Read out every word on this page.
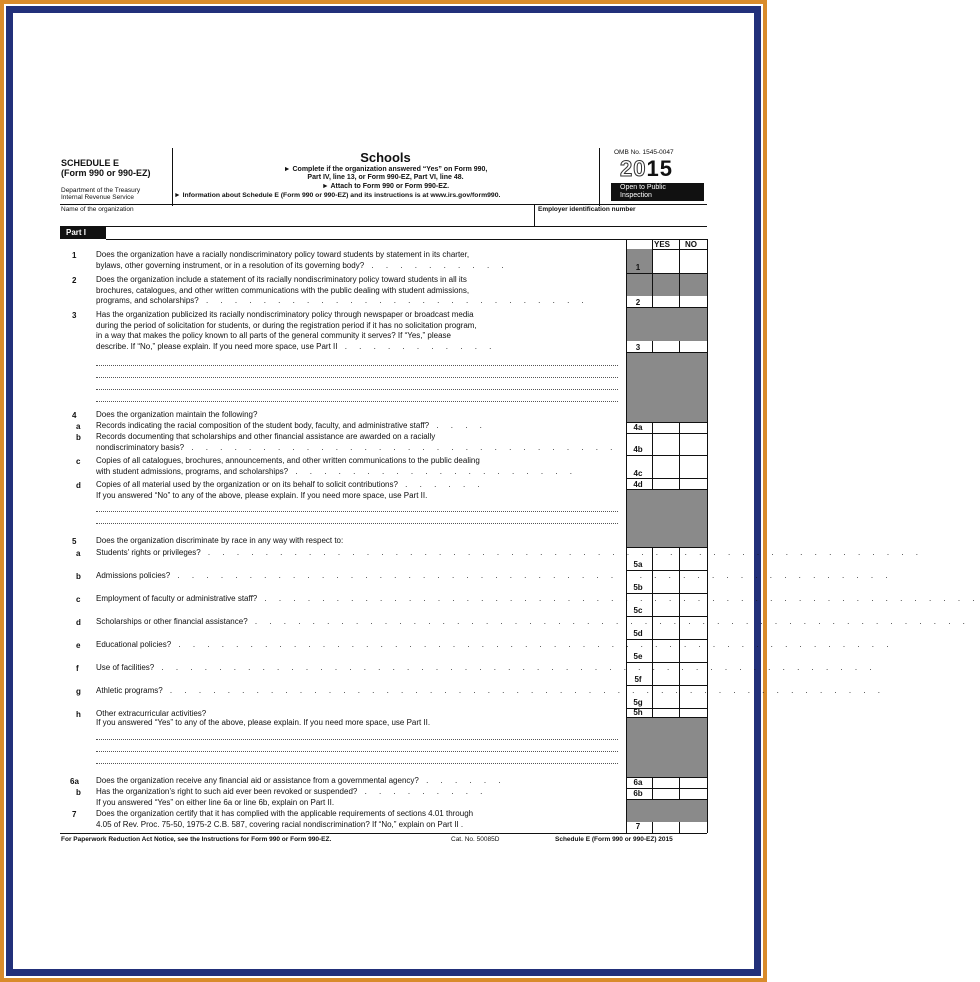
SCHEDULE E
(Form 990 or 990-EZ)
Department of the Treasury
Internal Revenue Service
Schools
► Complete if the organization answered “Yes” on Form 990,
Part IV, line 13, or Form 990-EZ, Part VI, line 48.
► Attach to Form 990 or Form 990-EZ.
► Information about Schedule E (Form 990 or 990-EZ) and its instructions is at www.irs.gov/form990.
OMB No. 1545-0047
2015
Open to Public
Inspection
Name of the organization	Employer identification number
Part I
YES NO
1 Does the organization have a racially nondiscriminatory policy toward students by statement in its charter,
bylaws, other governing instrument, or in a resolution of its governing body? . . . . . . . . . .	1
2 Does the organization include a statement of its racially nondiscriminatory policy toward students in all its
brochures, catalogues, and other written communications with the public dealing with student admissions,
programs, and scholarships? . . . . . . . . . . . . . . . . . . . . . . . . . . .	2
3 Has the organization publicized its racially nondiscriminatory policy through newspaper or broadcast media
during the period of solicitation for students, or during the registration period if it has no solicitation program,
in a way that makes the policy known to all parts of the general community it serves? If “Yes,” please
describe. If “No,” please explain. If you need more space, use Part II . . . . . . . . . . .	3
4 Does the organization maintain the following?
a Records indicating the racial composition of the student body, faculty, and administrative staff? . . . .	4a
b Records documenting that scholarships and other financial assistance are awarded on a racially
nondiscriminatory basis? . . . . . . . . . . . . . . . . . . . . . . . . . . . . . .	4b
c Copies of all catalogues, brochures, announcements, and other written communications to the public dealing
with student admissions, programs, and scholarships? . . . . . . . . . . . . . . . . . . . .	4c
d Copies of all material used by the organization or on its behalf to solicit contributions? . . . . . .	4d
If you answered “No” to any of the above, please explain. If you need more space, use Part II.
5 Does the organization discriminate by race in any way with respect to:
a Students' rights or privileges? . . . . . . . . . . . . . . . . . . . . . . . . . . . . . . . . . . . . . . . . . . . . . . . . . .
5a
b Admissions policies? . . . . . . . . . . . . . . . . . . . . . . . . . . . . . . . . . . . . . . . . . . . . . . . . . .
5b
c Employment of faculty or administrative staff? . . . . . . . . . . . . . . . . . . . . . . . . . . . . . . . . . . . . . . . . . . . . . . . . . .
5c
d Scholarships or other financial assistance? . . . . . . . . . . . . . . . . . . . . . . . . . . . . . . . . . . . . . . . . . . . . . . . . . .
5d
e Educational policies? . . . . . . . . . . . . . . . . . . . . . . . . . . . . . . . . . . . . . . . . . . . . . . . . . .
5e
f Use of facilities? . . . . . . . . . . . . . . . . . . . . . . . . . . . . . . . . . . . . . . . . . . . . . . . . . .
5f
g Athletic programs? . . . . . . . . . . . . . . . . . . . . . . . . . . . . . . . . . . . . . . . . . . . . . . . . . .
5g
h Other extracurricular activities?	5h
If you answered “Yes” to any of the above, please explain. If you need more space, use Part II.
6a Does the organization receive any financial aid or assistance from a governmental agency? . . . . . .	6a
b Has the organization’s right to such aid ever been revoked or suspended? . . . . . . . . .	6b
If you answered “Yes” on either line 6a or line 6b, explain on Part II.
7 Does the organization certify that it has complied with the applicable requirements of sections 4.01 through
4.05 of Rev. Proc. 75-50, 1975-2 C.B. 587, covering racial nondiscrimination? If “No,” explain on Part II .	7
For Paperwork Reduction Act Notice, see the Instructions for Form 990 or Form 990-EZ.	Cat. No. 50085D	Schedule E (Form 990 or 990-EZ) 2015
